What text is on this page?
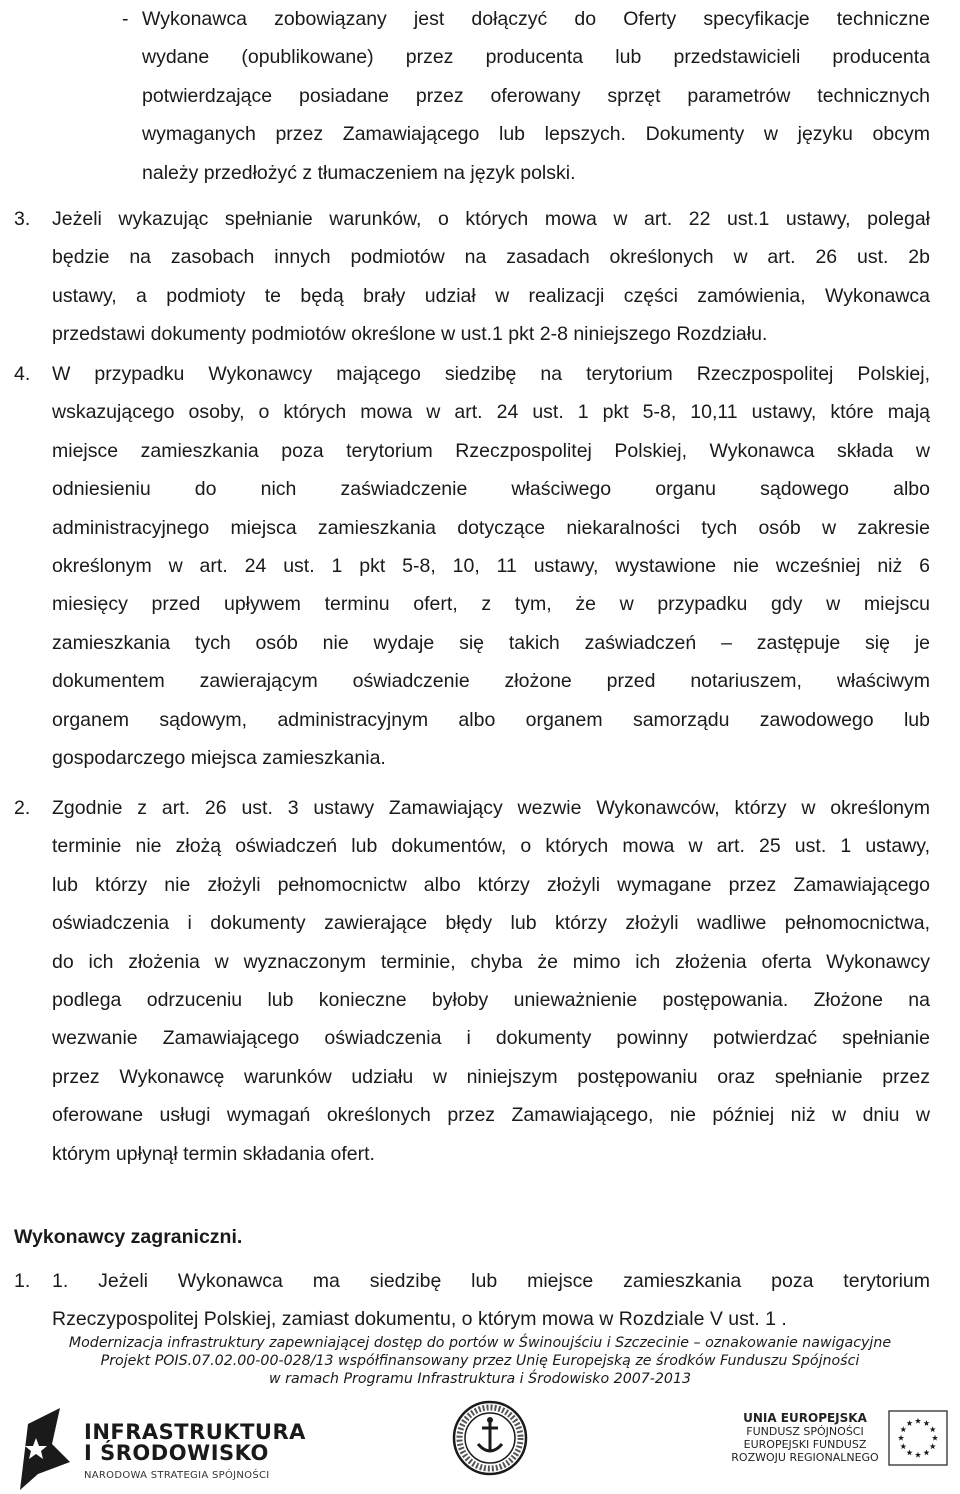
- Wykonawca zobowiązany jest dołączyć do Oferty specyfikacje techniczne
wydane (opublikowane) przez producenta lub przedstawicieli producenta
potwierdzające posiadane przez oferowany sprzęt parametrów technicznych
wymaganych przez Zamawiającego lub lepszych. Dokumenty w języku obcym
należy przedłożyć z tłumaczeniem na język polski.
3. Jeżeli wykazując spełnianie warunków, o których mowa w art. 22 ust.1 ustawy, polegał
będzie na zasobach innych podmiotów na zasadach określonych w art. 26 ust. 2b
ustawy, a podmioty te będą brały udział w realizacji części zamówienia, Wykonawca
przedstawi dokumenty podmiotów określone w ust.1 pkt 2-8 niniejszego Rozdziału.
4. W przypadku Wykonawcy mającego siedzibę na terytorium Rzeczpospolitej Polskiej,
wskazującego osoby, o których mowa w art. 24 ust. 1 pkt 5-8, 10,11 ustawy, które mają
miejsce zamieszkania poza terytorium Rzeczpospolitej Polskiej, Wykonawca składa w
odniesieniu do nich zaświadczenie właściwego organu sądowego albo
administracyjnego miejsca zamieszkania dotyczące niekaralności tych osób w zakresie
określonym w art. 24 ust. 1 pkt 5-8, 10, 11 ustawy, wystawione nie wcześniej niż 6
miesięcy przed upływem terminu ofert, z tym, że w przypadku gdy w miejscu
zamieszkania tych osób nie wydaje się takich zaświadczeń – zastępuje się je
dokumentem zawierającym oświadczenie złożone przed notariuszem, właściwym
organem sądowym, administracyjnym albo organem samorządu zawodowego lub
gospodarczego miejsca zamieszkania.
2. Zgodnie z art. 26 ust. 3 ustawy Zamawiający wezwie Wykonawców, którzy w określonym
terminie nie złożą oświadczeń lub dokumentów, o których mowa w art. 25 ust. 1 ustawy,
lub którzy nie złożyli pełnomocnictw albo którzy złożyli wymagane przez Zamawiającego
oświadczenia i dokumenty zawierające błędy lub którzy złożyli wadliwe pełnomocnictwa,
do ich złożenia w wyznaczonym terminie, chyba że mimo ich złożenia oferta Wykonawcy
podlega odrzuceniu lub konieczne byłoby unieważnienie postępowania. Złożone na
wezwanie Zamawiającego oświadczenia i dokumenty powinny potwierdzać spełnianie
przez Wykonawcę warunków udziału w niniejszym postępowaniu oraz spełnianie przez
oferowane usługi wymagań określonych przez Zamawiającego, nie później niż w dniu w
którym upłynął termin składania ofert.
Wykonawcy zagraniczni.
1. 1. Jeżeli Wykonawca ma siedzibę lub miejsce zamieszkania poza terytorium
Rzeczypospolitej Polskiej, zamiast dokumentu, o którym mowa w Rozdziale V ust. 1 .
Modernizacja infrastruktury zapewniającej dostęp do portów w Świnoujściu i Szczecinie – oznakowanie nawigacyjne
Projekt POIS.07.02.00-00-028/13 współfinansowany przez Unię Europejską ze środków Funduszu Spójności
w ramach Programu Infrastruktura i Środowisko 2007-2013
INFRASTRUKTURA
I ŚRODOWISKO
NARODOWA STRATEGIA SPÓJNOŚCI
UNIA EUROPEJSKA
FUNDUSZ SPÓJNOŚCI
EUROPEJSKI FUNDUSZ
ROZWOJU REGIONALNEGO
